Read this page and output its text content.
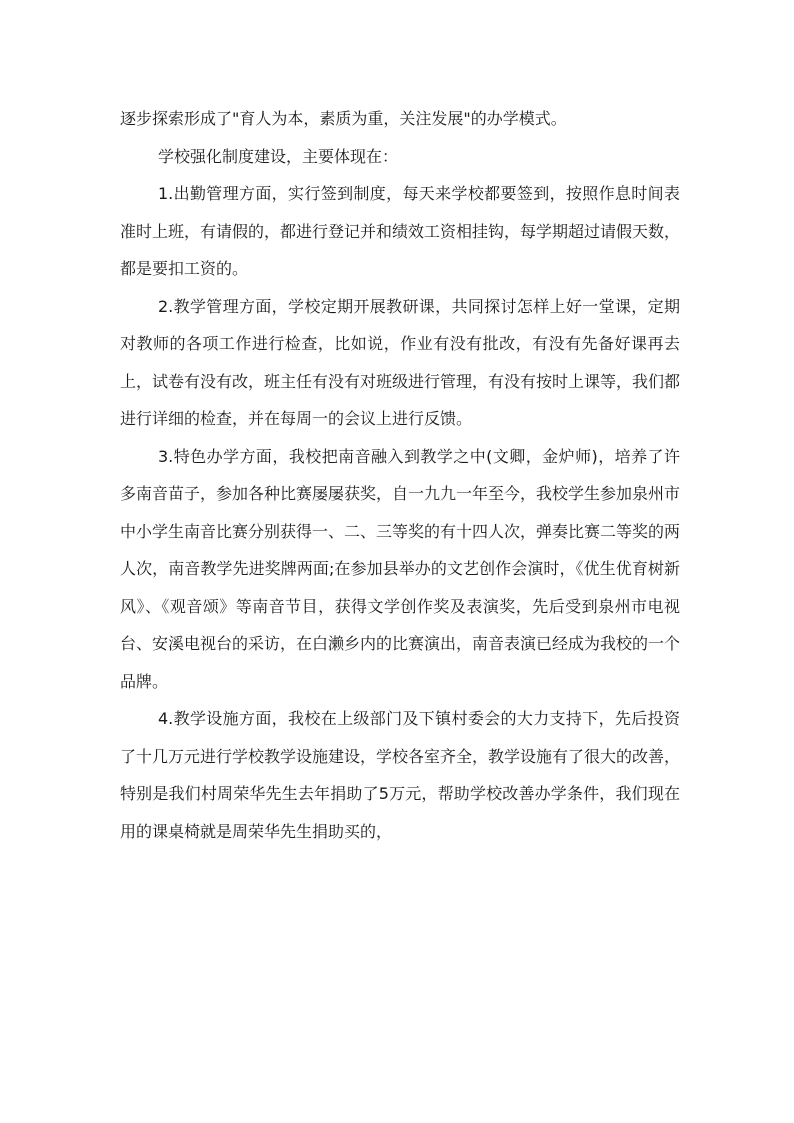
逐步探索形成了"育人为本，素质为重，关注发展"的办学模式。

学校强化制度建设，主要体现在：

1.出勤管理方面，实行签到制度，每天来学校都要签到，按照作息时间表准时上班，有请假的，都进行登记并和绩效工资相挂钩，每学期超过请假天数，都是要扣工资的。

2.教学管理方面，学校定期开展教研课，共同探讨怎样上好一堂课，定期对教师的各项工作进行检查，比如说，作业有没有批改，有没有先备好课再去上，试卷有没有改，班主任有没有对班级进行管理，有没有按时上课等，我们都进行详细的检查，并在每周一的会议上进行反馈。

3.特色办学方面，我校把南音融入到教学之中(文卿，金炉师)，培养了许多南音苗子，参加各种比赛屡屡获奖，自一九九一年至今，我校学生参加泉州市中小学生南音比赛分别获得一、二、三等奖的有十四人次，弹奏比赛二等奖的两人次，南音教学先进奖牌两面;在参加县举办的文艺创作会演时，《优生优育树新风》、《观音颂》等南音节目，获得文学创作奖及表演奖，先后受到泉州市电视台、安溪电视台的采访，在白濑乡内的比赛演出，南音表演已经成为我校的一个品牌。

4.教学设施方面，我校在上级部门及下镇村委会的大力支持下，先后投资了十几万元进行学校教学设施建设，学校各室齐全，教学设施有了很大的改善，特别是我们村周荣华先生去年捐助了5万元，帮助学校改善办学条件，我们现在用的课桌椅就是周荣华先生捐助买的，
